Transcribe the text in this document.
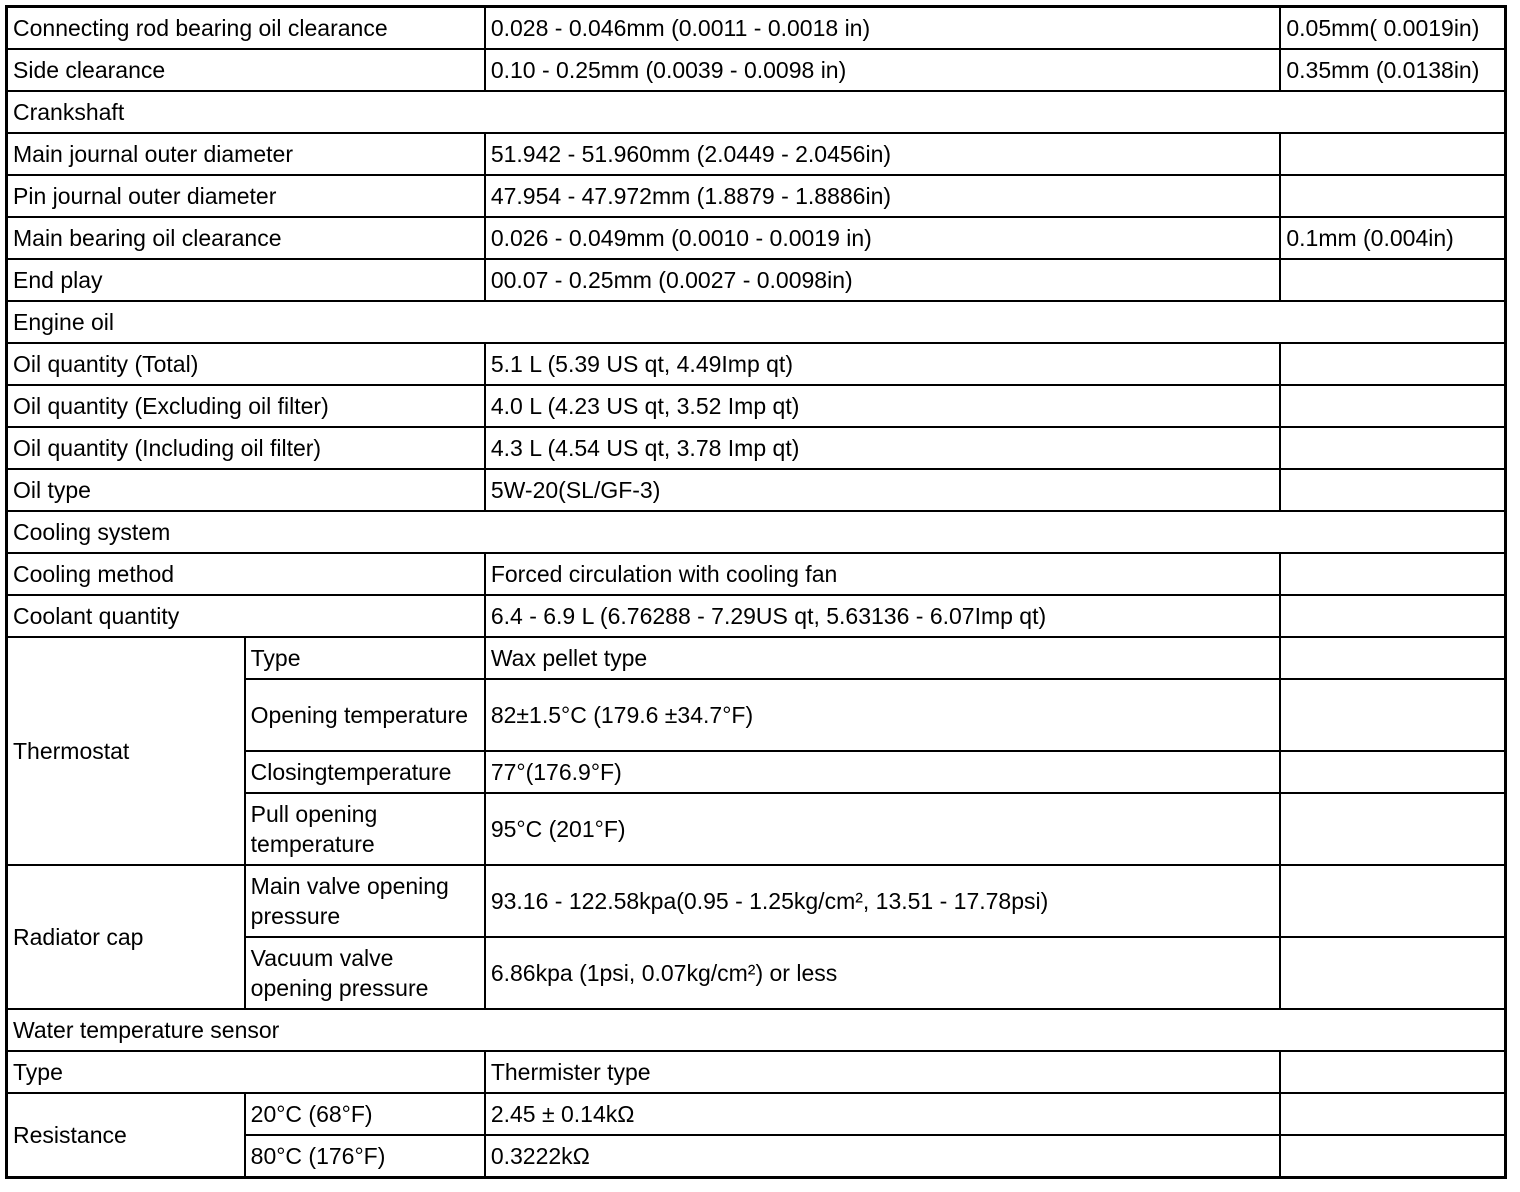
Connecting rod bearing oil clearance		0.028 - 0.046mm (0.0011 - 0.0018 in)	0.05mm( 0.0019in)
Side clearance		0.10 - 0.25mm (0.0039 - 0.0098 in)	0.35mm (0.0138in)
Crankshaft			
Main journal outer diameter		51.942 - 51.960mm (2.0449 - 2.0456in)	
Pin journal outer diameter		47.954 - 47.972mm (1.8879 - 1.8886in)	
Main bearing oil clearance		0.026 - 0.049mm (0.0010 - 0.0019 in)	0.1mm (0.004in)
End play		00.07 - 0.25mm (0.0027 - 0.0098in)	
Engine oil			
Oil quantity (Total)		5.1 L (5.39 US qt, 4.49Imp qt)	
Oil quantity (Excluding oil filter)		4.0 L (4.23 US qt, 3.52 Imp qt)	
Oil quantity (Including oil filter)		4.3 L (4.54 US qt, 3.78 Imp qt)	
Oil type		5W-20(SL/GF-3)	
Cooling system			
Cooling method		Forced circulation with cooling fan	
Coolant quantity		6.4 - 6.9 L (6.76288 - 7.29US qt, 5.63136 - 6.07Imp qt)	
Thermostat	Type	Wax pellet type	
	Opening temperature	82±1.5°C (179.6 ±34.7°F)	
	Closingtemperature	77°(176.9°F)	
	Pull opening temperature	95°C (201°F)	
Radiator cap	Main valve opening pressure	93.16 - 122.58kpa(0.95 - 1.25kg/cm², 13.51 - 17.78psi)	
	Vacuum valve opening pressure	6.86kpa (1psi, 0.07kg/cm²) or less	
Water temperature sensor			
Type		Thermister type	
Resistance	20°C (68°F)	2.45 ± 0.14kΩ	
	80°C (176°F)	0.3222kΩ	
